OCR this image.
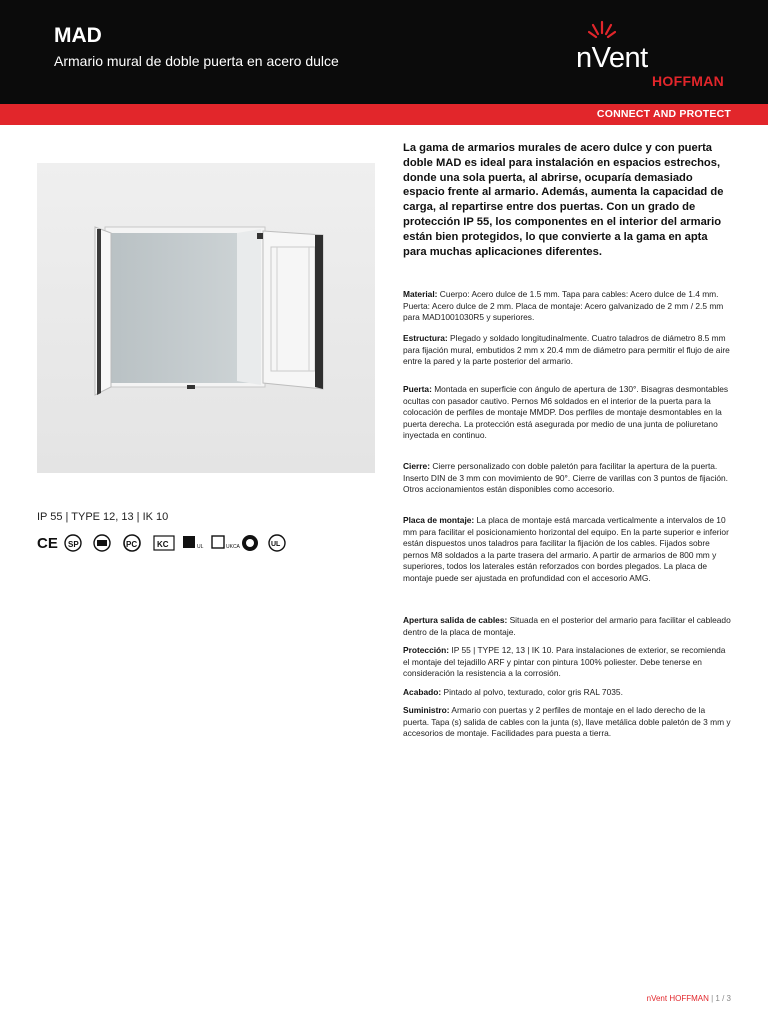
MAD

Armario mural de doble puerta en acero dulce	nVent
HOFFMAN
CONNECT AND PROTECT

IP 55 | TYPE 12, 13 | IK 10

CE SP	PC KC	UL	UKCA	UL

La gama de armarios murales de acero dulce y con puerta doble MAD es ideal para instalación en espacios estrechos, donde una sola puerta, al abrirse, ocuparía demasiado espacio frente al armario. Además, aumenta la capacidad de carga, al repartirse entre dos puertas. Con un grado de protección IP 55, los componentes en el interior del armario están bien protegidos, lo que convierte a la gama en apta para muchas aplicaciones diferentes.

Material: Cuerpo: Acero dulce de 1.5 mm. Tapa para cables: Acero dulce de 1.4 mm. Puerta: Acero dulce de 2 mm. Placa de montaje: Acero galvanizado de 2 mm / 2.5 mm para MAD1001030R5 y superiores.

Estructura: Plegado y soldado longitudinalmente. Cuatro taladros de diámetro 8.5 mm para fijación mural, embutidos 2 mm x 20.4 mm de diámetro para permitir el flujo de aire entre la pared y la parte posterior del armario.

Puerta: Montada en superficie con ángulo de apertura de 130°. Bisagras desmontables ocultas con pasador cautivo. Pernos M6 soldados en el interior de la puerta para la colocación de perfiles de montaje MMDP. Dos perfiles de montaje desmontables en la puerta derecha. La protección está asegurada por medio de una junta de poliuretano inyectada en continuo.

Cierre: Cierre personalizado con doble paletón para facilitar la apertura de la puerta. Inserto DIN de 3 mm con movimiento de 90°. Cierre de varillas con 3 puntos de fijación. Otros accionamientos están disponibles como accesorio.

Placa de montaje: La placa de montaje está marcada verticalmente a intervalos de 10 mm para facilitar el posicionamiento horizontal del equipo. En la parte superior e inferior están dispuestos unos taladros para facilitar la fijación de los cables. Fijados sobre pernos M8 soldados a la parte trasera del armario. A partir de armarios de 800 mm y superiores, todos los laterales están reforzados con bordes plegados. La placa de montaje puede ser ajustada en profundidad con el accesorio AMG.

Apertura salida de cables: Situada en el posterior del armario para facilitar el cableado dentro de la placa de montaje.

Protección: IP 55 | TYPE 12, 13 | IK 10. Para instalaciones de exterior, se recomienda el montaje del tejadillo ARF y pintar con pintura 100% poliester. Debe tenerse en consideración la resistencia a la corrosión.

Acabado: Pintado al polvo, texturado, color gris RAL 7035.

Suministro: Armario con puertas y 2 perfiles de montaje en el lado derecho de la puerta. Tapa (s) salida de cables con la junta (s), llave metálica doble paletón de 3 mm y accesorios de montaje. Facilidades para puesta a tierra.

nVent HOFFMAN | 1 / 3
